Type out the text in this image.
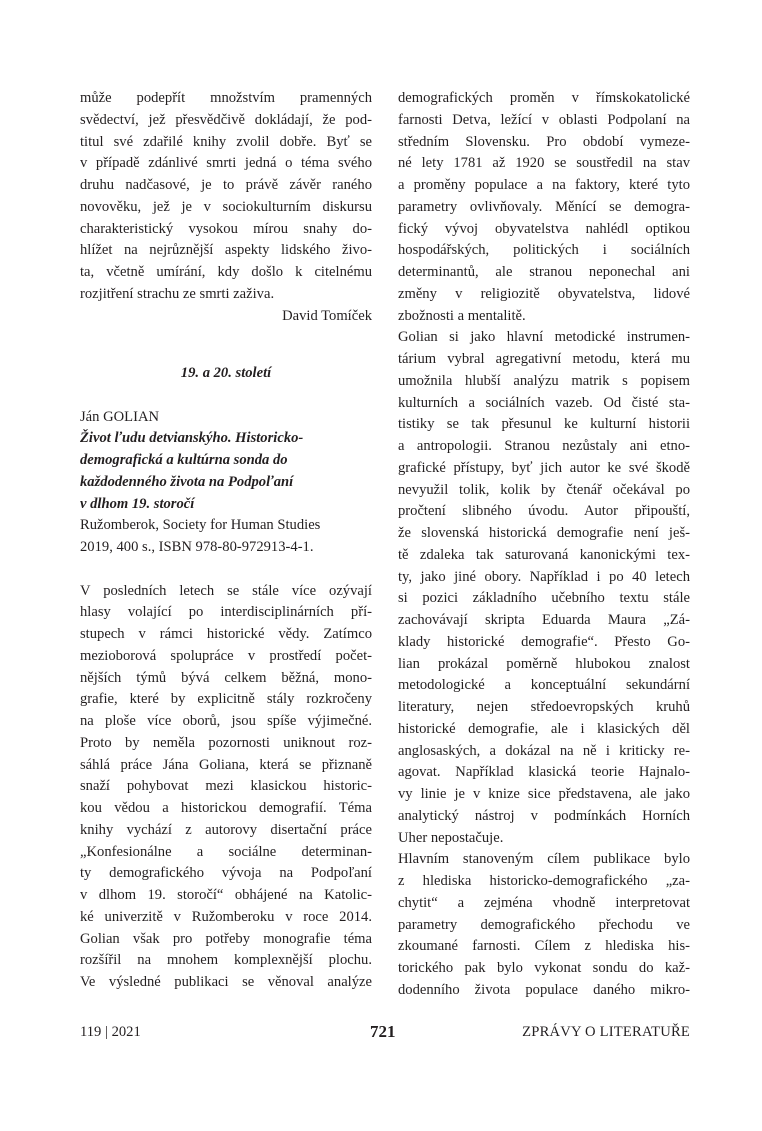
může podepřít množstvím pramenných
svědectví, jež přesvědčivě dokládají, že pod-
titul své zdařilé knihy zvolil dobře. Byť se
v případě zdánlivé smrti jedná o téma svého
druhu nadčasové, je to právě závěr raného
novověku, jež je v sociokulturním diskursu
charakteristický vysokou mírou snahy do-
hlížet na nejrůznější aspekty lidského živo-
ta, včetně umírání, kdy došlo k citelnému
rozjitření strachu ze smrti zaživa.
David Tomíček
19. a 20. století
Ján GOLIAN
Život ľudu detvianskýho. Historicko-
demografická a kultúrna sonda do
každodenného života na Podpoľaní
v dlhom 19. storočí
Ružomberok, Society for Human Studies
2019, 400 s., ISBN 978-80-972913-4-1.
V posledních letech se stále více ozývají
hlasy volající po interdisciplinárních pří-
stupech v rámci historické vědy. Zatímco
mezioborová spolupráce v prostředí počet-
nějších týmů bývá celkem běžná, mono-
grafie, které by explicitně stály rozkročeny
na ploše více oborů, jsou spíše výjimečné.
Proto by neměla pozornosti uniknout roz-
sáhlá práce Jána Goliana, která se přiznaně
snaží pohybovat mezi klasickou historic-
kou vědou a historickou demografií. Téma
knihy vychází z autorovy disertační práce
„Konfesionálne a sociálne determinan-
ty demografického vývoja na Podpoľaní
v dlhom 19. storočí“ obhájené na Katolic-
ké univerzitě v Ružomberoku v roce 2014.
Golian však pro potřeby monografie téma
rozšířil na mnohem komplexnější plochu.
Ve výsledné publikaci se věnoval analýze
demografických proměn v římskokatolické
farnosti Detva, ležící v oblasti Podpolaní na
středním Slovensku. Pro období vymeze-
né lety 1781 až 1920 se soustředil na stav
a proměny populace a na faktory, které tyto
parametry ovlivňovaly. Měnící se demogra-
fický vývoj obyvatelstva nahlédl optikou
hospodářských, politických i sociálních
determinantů, ale stranou neponechal ani
změny v religiozitě obyvatelstva, lidové
zbožnosti a mentalitě.
Golian si jako hlavní metodické instrumen-
tárium vybral agregativní metodu, která mu
umožnila hlubší analýzu matrik s popisem
kulturních a sociálních vazeb. Od čisté sta-
tistiky se tak přesunul ke kulturní historii
a antropologii. Stranou nezůstaly ani etno-
grafické přístupy, byť jich autor ke své škodě
nevyužil tolik, kolik by čtenář očekával po
pročtení slibného úvodu. Autor připouští,
že slovenská historická demografie není ješ-
tě zdaleka tak saturovaná kanonickými tex-
ty, jako jiné obory. Například i po 40 letech
si pozici základního učebního textu stále
zachovávají skripta Eduarda Maura „Zá-
klady historické demografie“. Přesto Go-
lian prokázal poměrně hlubokou znalost
metodologické a konceptuální sekundární
literatury, nejen středoevropských kruhů
historické demografie, ale i klasických děl
anglosaských, a dokázal na ně i kriticky re-
agovat. Například klasická teorie Hajnalo-
vy linie je v knize sice představena, ale jako
analytický nástroj v podmínkách Horních
Uher nepostačuje.
Hlavním stanoveným cílem publikace bylo
z hlediska historicko-demografického „za-
chytit“ a zejména vhodně interpretovat
parametry demografického přechodu ve
zkoumané farnosti. Cílem z hlediska his-
torického pak bylo vykonat sondu do kaž-
dodenního života populace daného mikro-
119 | 2021	721	ZPRÁVY O LITERATUŘE
